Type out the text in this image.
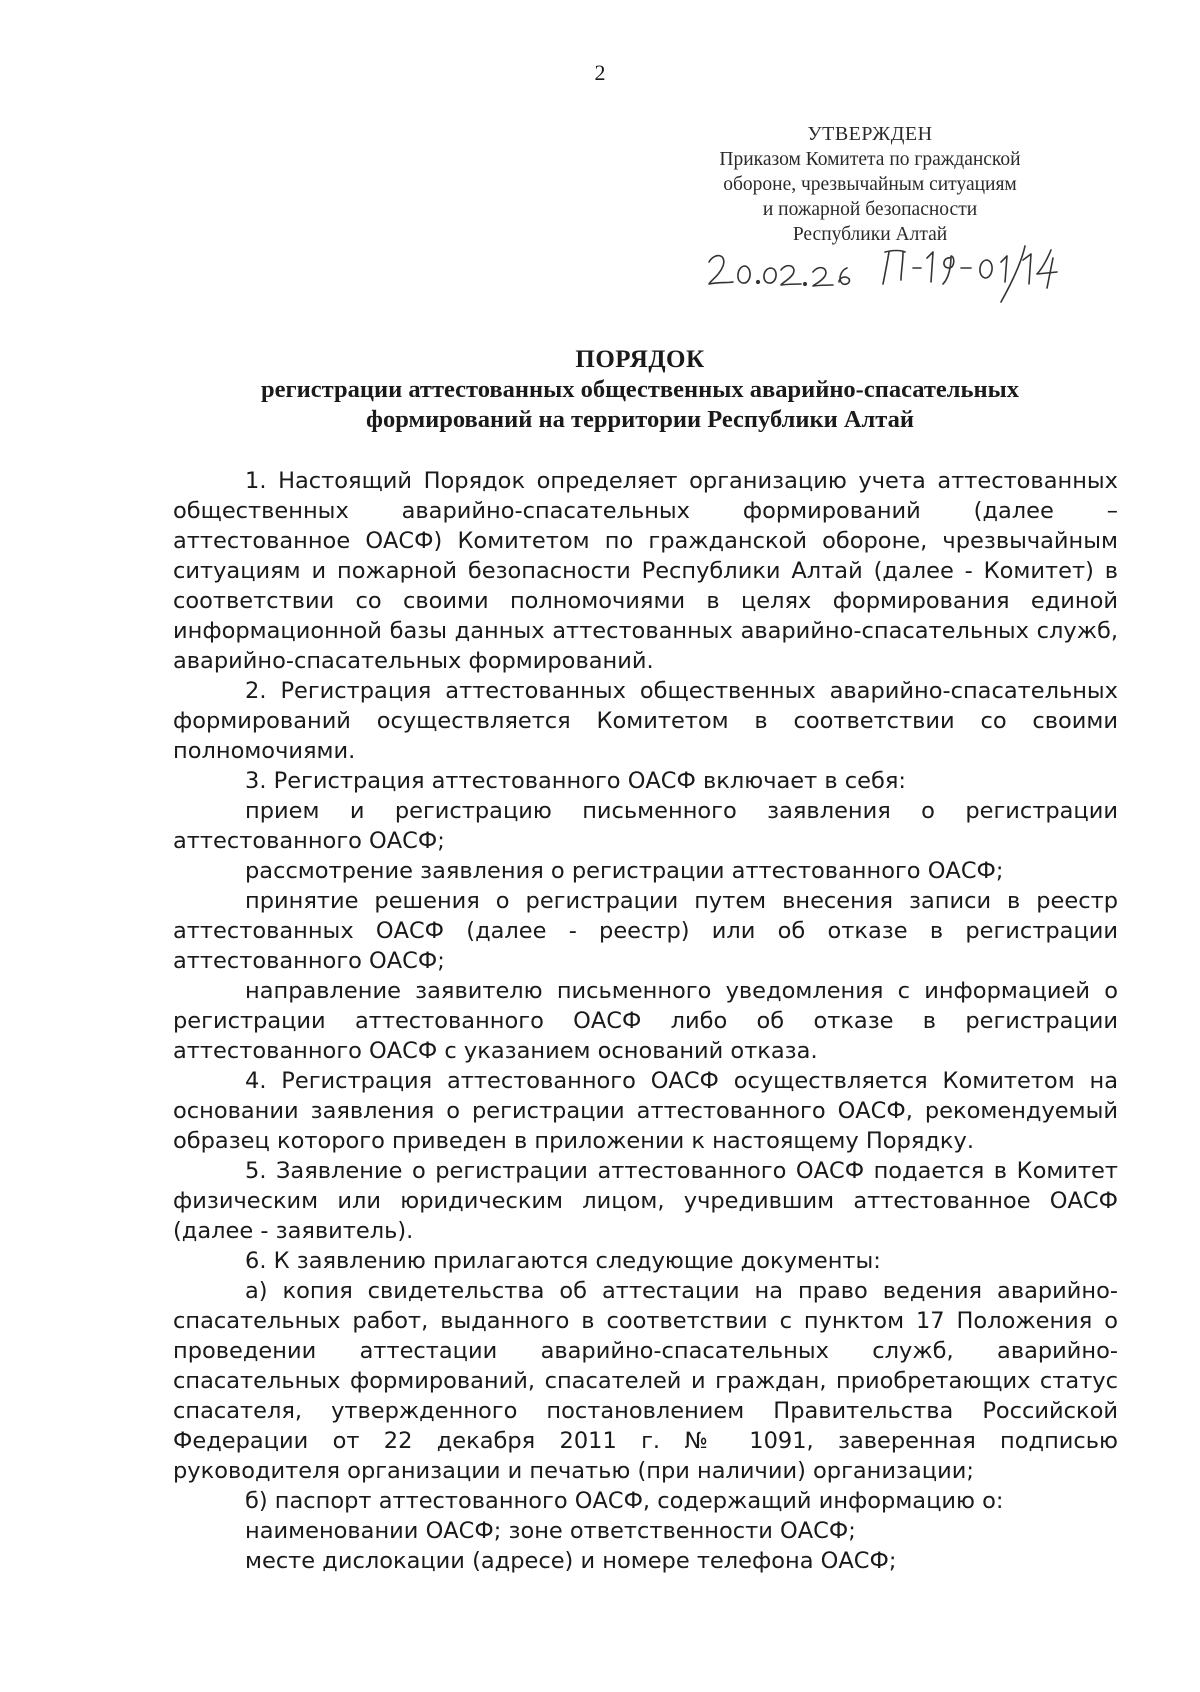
2
УТВЕРЖДЕН
Приказом Комитета по гражданской
обороне, чрезвычайным ситуациям
и пожарной безопасности
Республики Алтай
ПОРЯДОК
регистрации аттестованных общественных аварийно-спасательных
формирований на территории Республики Алтай

1. Настоящий Порядок определяет организацию учета аттестованных общественных аварийно-спасательных формирований (далее – аттестованное ОАСФ) Комитетом по гражданской обороне, чрезвычайным ситуациям и пожарной безопасности Республики Алтай (далее - Комитет) в соответствии со своими полномочиями в целях формирования единой информационной базы данных аттестованных аварийно-спасательных служб, аварийно-спасательных формирований.

2. Регистрация аттестованных общественных аварийно-спасательных формирований осуществляется Комитетом в соответствии со своими полномочиями.

3. Регистрация аттестованного ОАСФ включает в себя:

прием и регистрацию письменного заявления о регистрации аттестованного ОАСФ;

рассмотрение заявления о регистрации аттестованного ОАСФ;

принятие решения о регистрации путем внесения записи в реестр аттестованных ОАСФ (далее - реестр) или об отказе в регистрации аттестованного ОАСФ;

направление заявителю письменного уведомления с информацией о регистрации аттестованного ОАСФ либо об отказе в регистрации аттестованного ОАСФ с указанием оснований отказа.

4. Регистрация аттестованного ОАСФ осуществляется Комитетом на основании заявления о регистрации аттестованного ОАСФ, рекомендуемый образец которого приведен в приложении к настоящему Порядку.

5. Заявление о регистрации аттестованного ОАСФ подается в Комитет физическим или юридическим лицом, учредившим аттестованное ОАСФ (далее - заявитель).

6. К заявлению прилагаются следующие документы:

а) копия свидетельства об аттестации на право ведения аварийно-спасательных работ, выданного в соответствии с пунктом 17 Положения о проведении аттестации аварийно-спасательных служб, аварийно-спасательных формирований, спасателей и граждан, приобретающих статус спасателя, утвержденного постановлением Правительства Российской Федерации от 22 декабря 2011 г. № 1091, заверенная подписью руководителя организации и печатью (при наличии) организации;

б) паспорт аттестованного ОАСФ, содержащий информацию о:

наименовании ОАСФ; зоне ответственности ОАСФ;

месте дислокации (адресе) и номере телефона ОАСФ;
